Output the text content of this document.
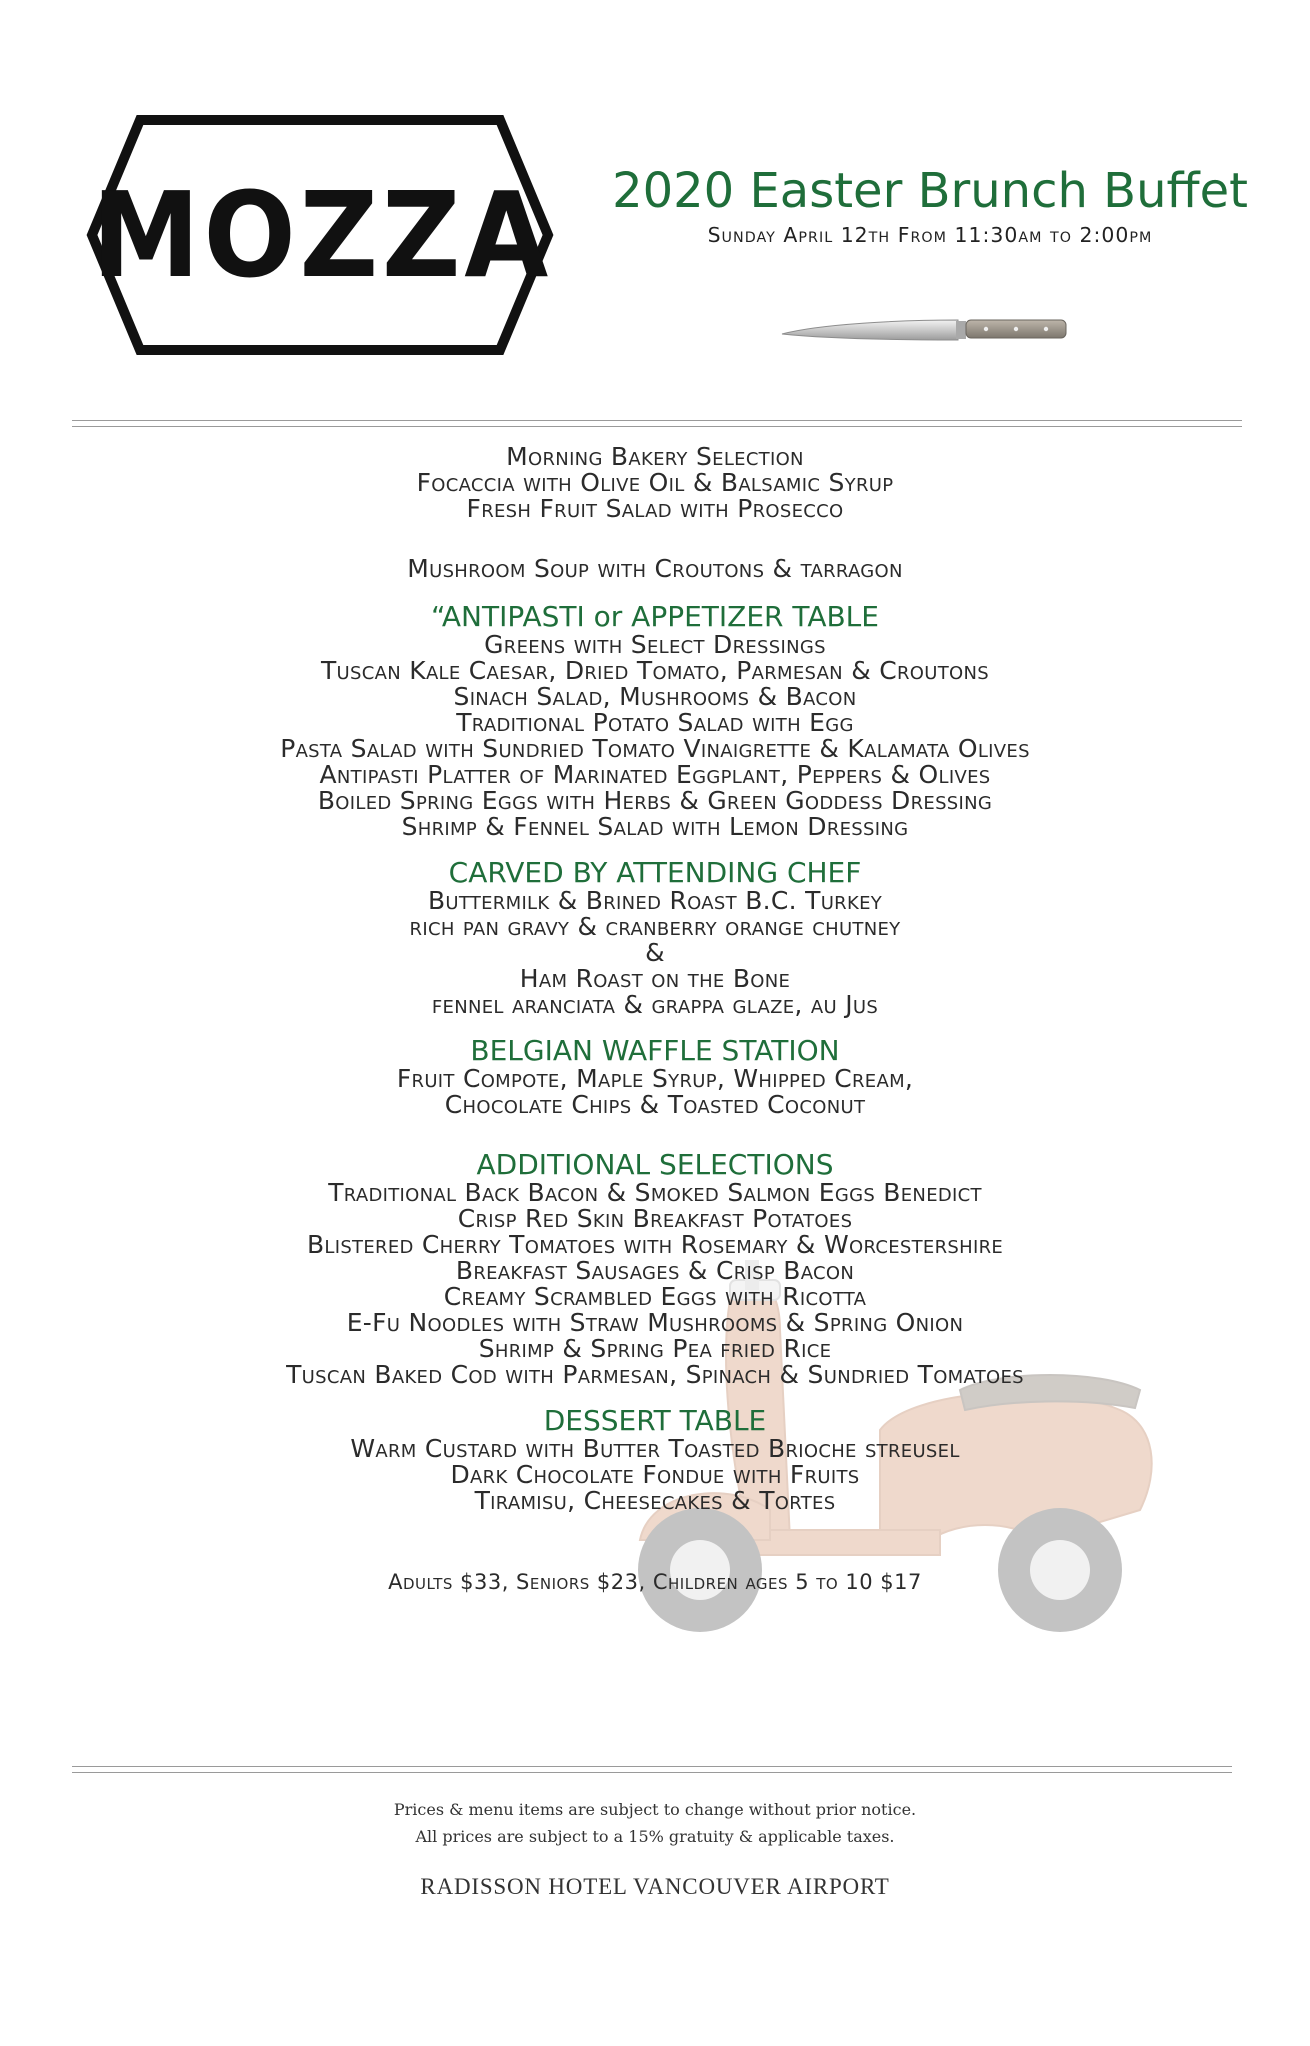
MOZZA 2020 Easter Brunch Buffet
Sunday April 12th From 11:30am to 2:00pm
Morning Bakery Selection
Focaccia with Olive Oil & Balsamic Syrup
Fresh Fruit Salad with Prosecco
Mushroom Soup with Croutons & tarragon
“ANTIPASTI or APPETIZER TABLE
Greens with Select Dressings
Tuscan Kale Caesar, Dried Tomato, Parmesan & Croutons
Sinach Salad, Mushrooms & Bacon
Traditional Potato Salad with Egg
Pasta Salad with Sundried Tomato Vinaigrette & Kalamata Olives
Antipasti Platter of Marinated Eggplant, Peppers & Olives
Boiled Spring Eggs with Herbs & Green Goddess Dressing
Shrimp & Fennel Salad with Lemon Dressing
CARVED BY ATTENDING CHEF
Buttermilk & Brined Roast B.C. Turkey
rich pan gravy & cranberry orange chutney
&
Ham Roast on the Bone
fennel aranciata & grappa glaze, au Jus
BELGIAN WAFFLE STATION
Fruit Compote, Maple Syrup, Whipped Cream,
Chocolate Chips & Toasted Coconut
ADDITIONAL SELECTIONS
Traditional Back Bacon & Smoked Salmon Eggs Benedict
Crisp Red Skin Breakfast Potatoes
Blistered Cherry Tomatoes with Rosemary & Worcestershire
Breakfast Sausages & Crisp Bacon
Creamy Scrambled Eggs with Ricotta
E-Fu Noodles with Straw Mushrooms & Spring Onion
Shrimp & Spring Pea fried Rice
Tuscan Baked Cod with Parmesan, Spinach & Sundried Tomatoes
DESSERT TABLE
Warm Custard with Butter Toasted Brioche streusel
Dark Chocolate Fondue with Fruits
Tiramisu, Cheesecakes & Tortes
Adults $33, Seniors $23, Children ages 5 to 10 $17
Prices & menu items are subject to change without prior notice.
All prices are subject to a 15% gratuity & applicable taxes.
RADISSON HOTEL VANCOUVER AIRPORT
